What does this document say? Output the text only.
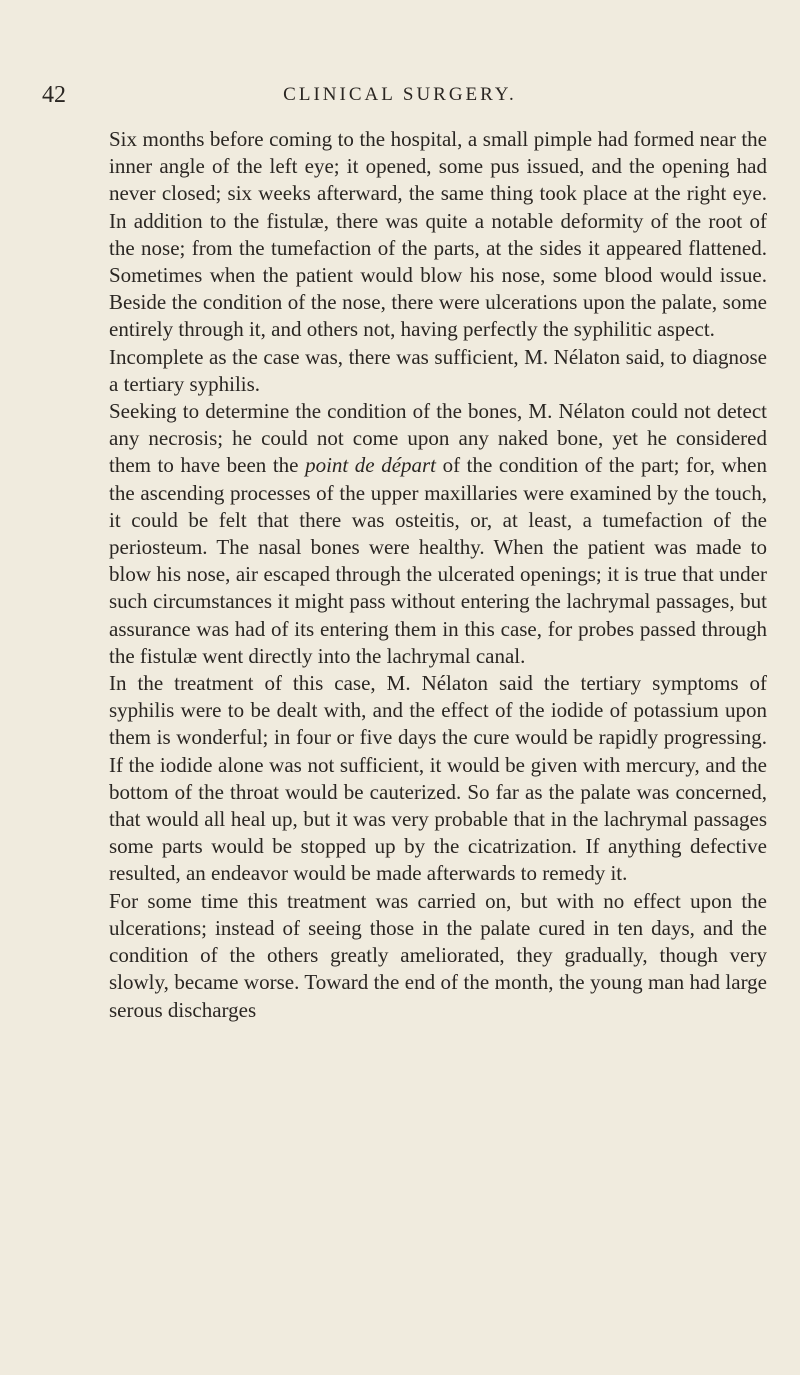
42	CLINICAL SURGERY.

Six months before coming to the hospital, a small pimple had formed near the inner angle of the left eye; it opened, some pus issued, and the opening had never closed; six weeks afterward, the same thing took place at the right eye. In addition to the fistulæ, there was quite a notable deformity of the root of the nose; from the tumefaction of the parts, at the sides it appeared flattened. Sometimes when the patient would blow his nose, some blood would issue. Beside the condition of the nose, there were ulcerations upon the palate, some entirely through it, and others not, having perfectly the syphilitic aspect.

Incomplete as the case was, there was sufficient, M. Nélaton said, to diagnose a tertiary syphilis.

Seeking to determine the condition of the bones, M. Nélaton could not detect any necrosis; he could not come upon any naked bone, yet he considered them to have been the point de départ of the condition of the part; for, when the ascending processes of the upper maxillaries were examined by the touch, it could be felt that there was osteitis, or, at least, a tumefaction of the periosteum. The nasal bones were healthy. When the patient was made to blow his nose, air escaped through the ulcerated openings; it is true that under such circumstances it might pass without entering the lachrymal passages, but assurance was had of its entering them in this case, for probes passed through the fistulæ went directly into the lachrymal canal.

In the treatment of this case, M. Nélaton said the tertiary symptoms of syphilis were to be dealt with, and the effect of the iodide of potassium upon them is wonderful; in four or five days the cure would be rapidly progressing. If the iodide alone was not sufficient, it would be given with mercury, and the bottom of the throat would be cauterized. So far as the palate was concerned, that would all heal up, but it was very probable that in the lachrymal passages some parts would be stopped up by the cicatrization. If anything defective resulted, an endeavor would be made afterwards to remedy it.

For some time this treatment was carried on, but with no effect upon the ulcerations; instead of seeing those in the palate cured in ten days, and the condition of the others greatly ameliorated, they gradually, though very slowly, became worse. Toward the end of the month, the young man had large serous discharges
